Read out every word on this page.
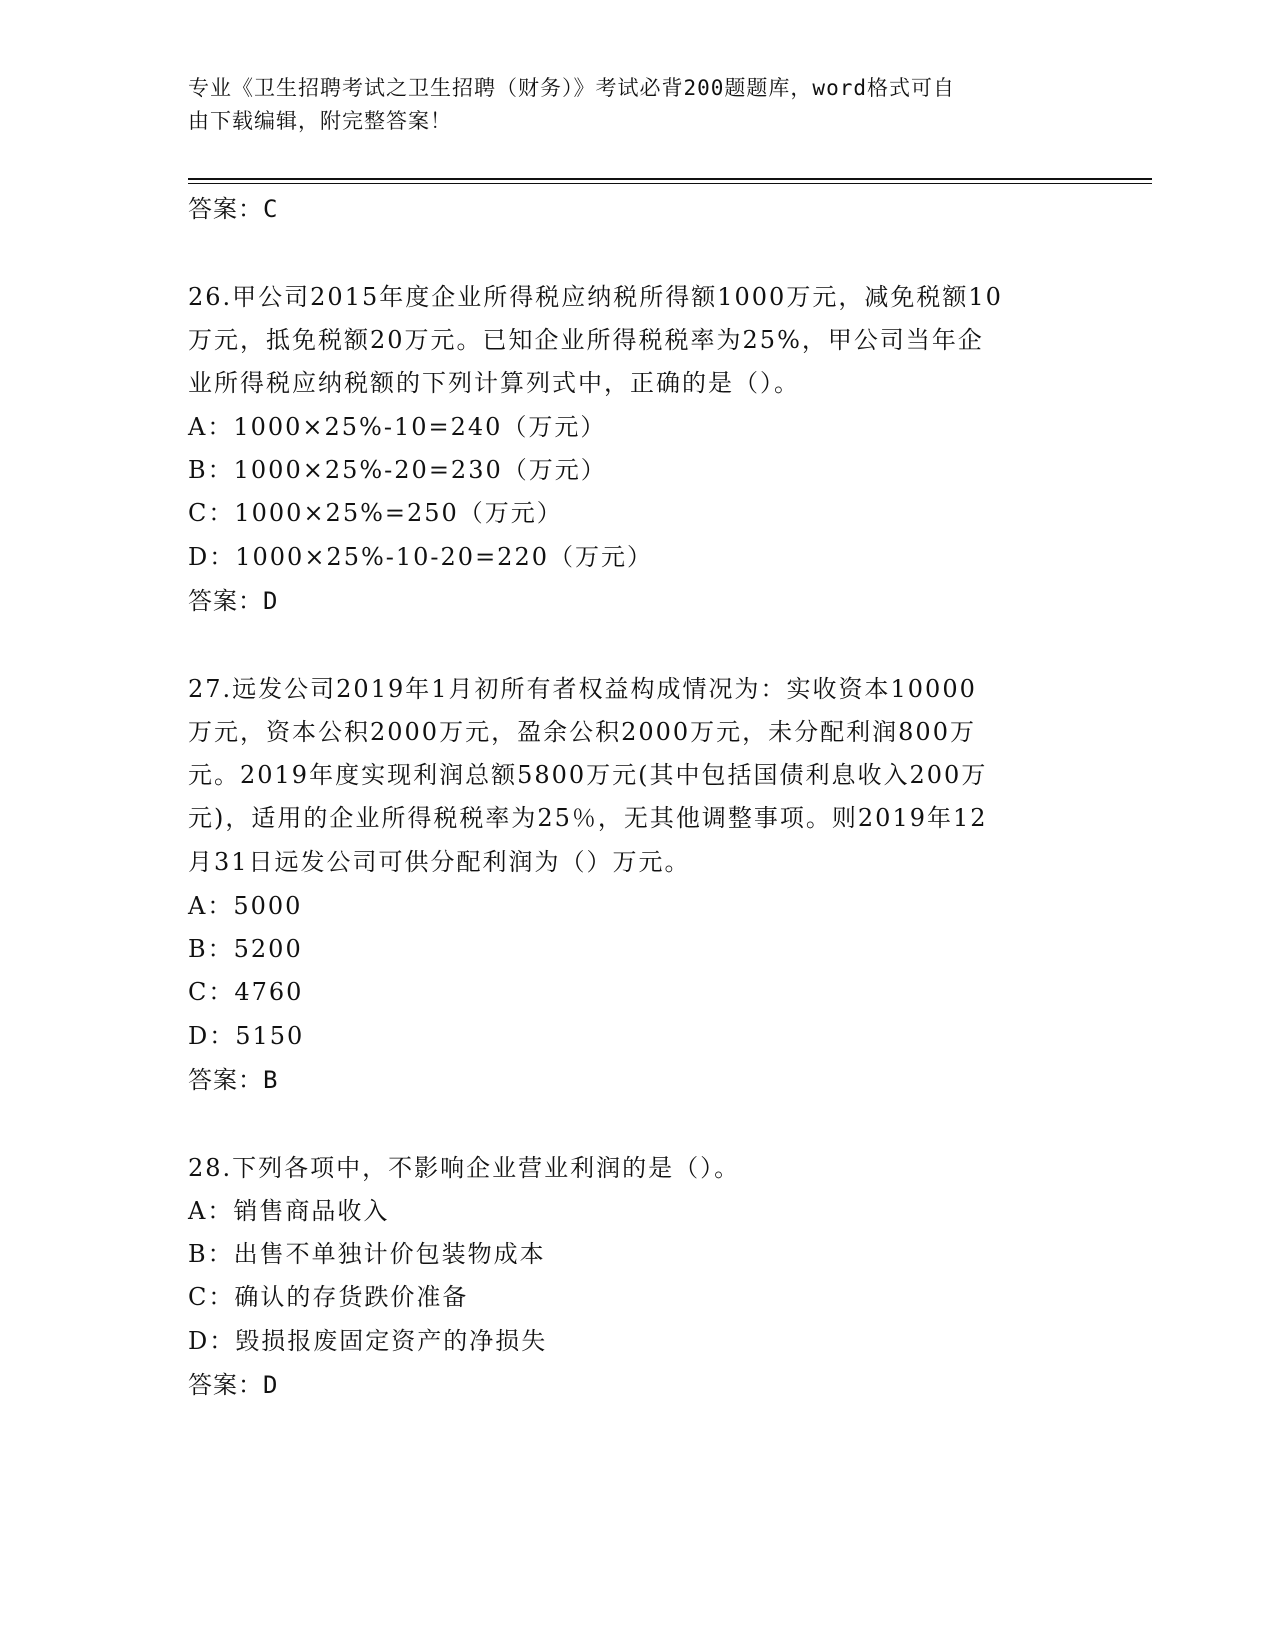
专业《卫生招聘考试之卫生招聘（财务）》考试必背200题题库，word格式可自
由下载编辑，附完整答案！
答案：C
26.甲公司2015年度企业所得税应纳税所得额1000万元，减免税额10
万元，抵免税额20万元。已知企业所得税税率为25%，甲公司当年企
业所得税应纳税额的下列计算列式中，正确的是（）。
A：1000×25%-10=240（万元）
B：1000×25%-20=230（万元）
C：1000×25%=250（万元）
D：1000×25%-10-20=220（万元）
答案：D
27.远发公司2019年1月初所有者权益构成情况为：实收资本10000
万元，资本公积2000万元，盈余公积2000万元，未分配利润800万
元。2019年度实现利润总额5800万元(其中包括国债利息收入200万
元)，适用的企业所得税税率为25％，无其他调整事项。则2019年12
月31日远发公司可供分配利润为（）万元。
A：5000
B：5200
C：4760
D：5150
答案：B
28.下列各项中，不影响企业营业利润的是（）。
A：销售商品收入
B：出售不单独计价包装物成本
C：确认的存货跌价准备
D：毁损报废固定资产的净损失
答案：D
